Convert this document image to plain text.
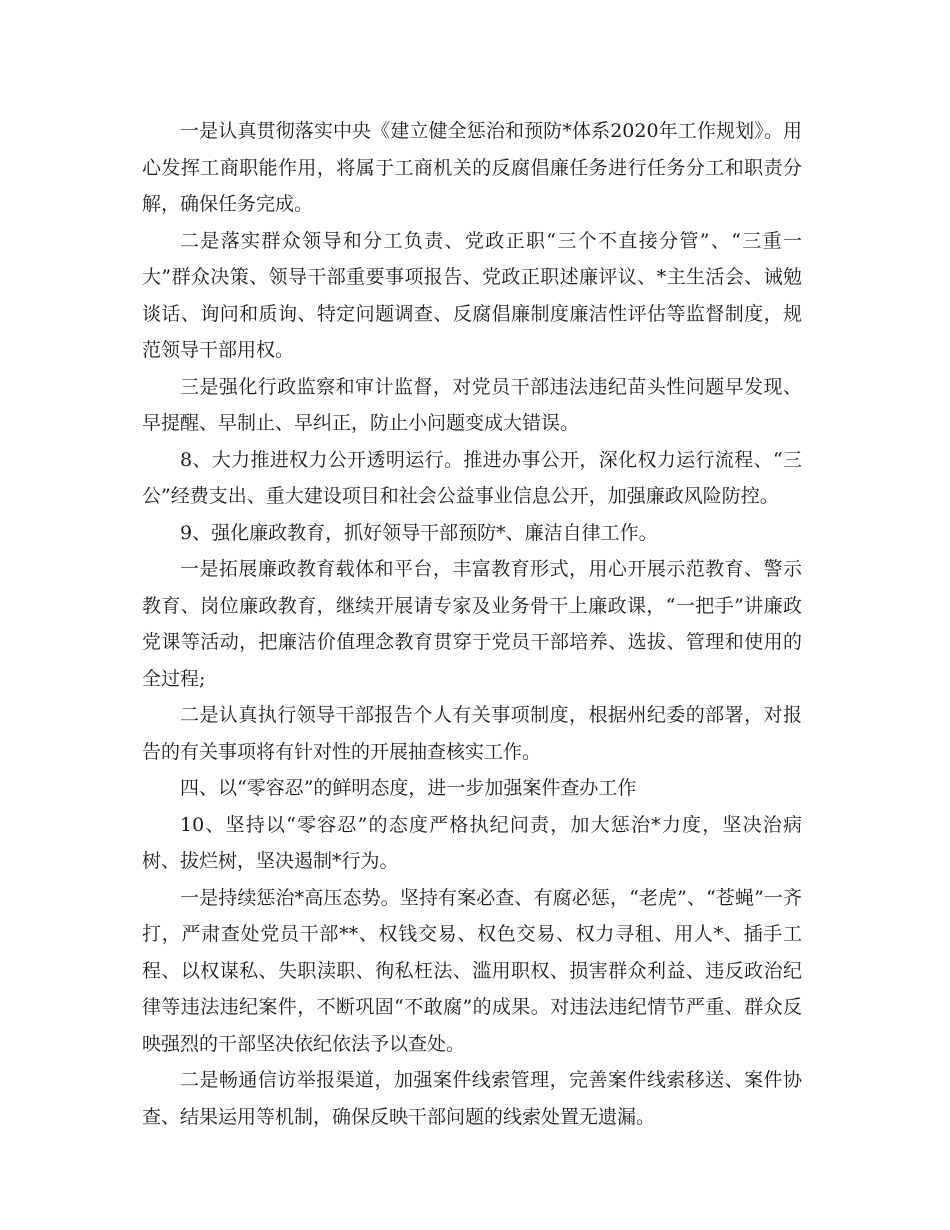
一是认真贯彻落实中央《建立健全惩治和预防*体系2020年工作规划》。用心发挥工商职能作用，将属于工商机关的反腐倡廉任务进行任务分工和职责分解，确保任务完成。

二是落实群众领导和分工负责、党政正职“三个不直接分管”、“三重一大”群众决策、领导干部重要事项报告、党政正职述廉评议、*主生活会、诫勉谈话、询问和质询、特定问题调查、反腐倡廉制度廉洁性评估等监督制度，规范领导干部用权。

三是强化行政监察和审计监督，对党员干部违法违纪苗头性问题早发现、早提醒、早制止、早纠正，防止小问题变成大错误。

8、大力推进权力公开透明运行。推进办事公开，深化权力运行流程、“三公”经费支出、重大建设项目和社会公益事业信息公开，加强廉政风险防控。

9、强化廉政教育，抓好领导干部预防*、廉洁自律工作。

一是拓展廉政教育载体和平台，丰富教育形式，用心开展示范教育、警示教育、岗位廉政教育，继续开展请专家及业务骨干上廉政课，“一把手”讲廉政党课等活动，把廉洁价值理念教育贯穿于党员干部培养、选拔、管理和使用的全过程;

二是认真执行领导干部报告个人有关事项制度，根据州纪委的部署，对报告的有关事项将有针对性的开展抽查核实工作。

四、以“零容忍”的鲜明态度，进一步加强案件查办工作

10、坚持以“零容忍”的态度严格执纪问责，加大惩治*力度，坚决治病树、拔烂树，坚决遏制*行为。

一是持续惩治*高压态势。坚持有案必查、有腐必惩，“老虎”、“苍蝇”一齐打，严肃查处党员干部**、权钱交易、权色交易、权力寻租、用人*、插手工程、以权谋私、失职渎职、徇私枉法、滥用职权、损害群众利益、违反政治纪律等违法违纪案件，不断巩固“不敢腐”的成果。对违法违纪情节严重、群众反映强烈的干部坚决依纪依法予以查处。

二是畅通信访举报渠道，加强案件线索管理，完善案件线索移送、案件协查、结果运用等机制，确保反映干部问题的线索处置无遗漏。
